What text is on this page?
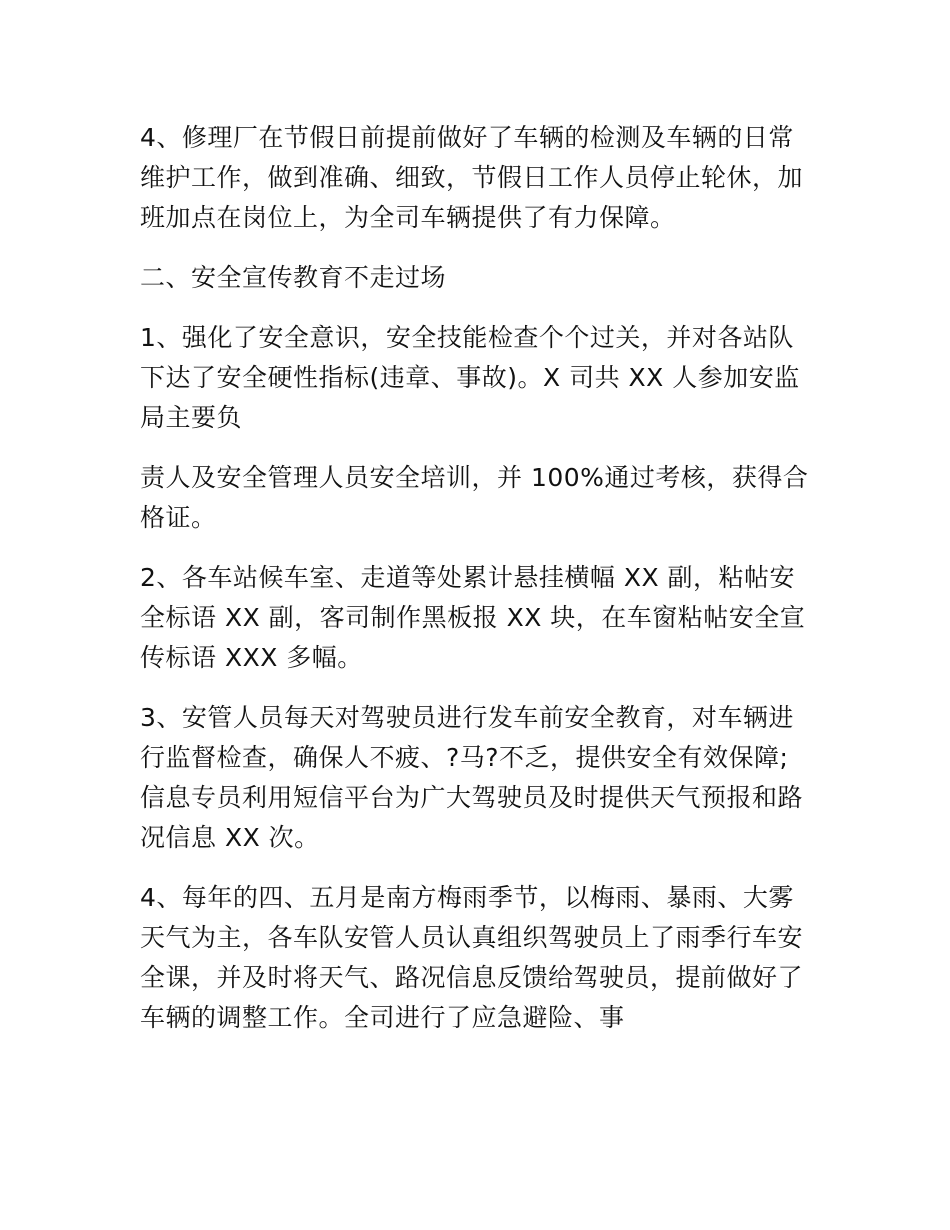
4、修理厂在节假日前提前做好了车辆的检测及车辆的日常维护工作，做到准确、细致，节假日工作人员停止轮休，加班加点在岗位上，为全司车辆提供了有力保障。

二、安全宣传教育不走过场

1、强化了安全意识，安全技能检查个个过关，并对各站队下达了安全硬性指标(违章、事故)。X 司共 XX 人参加安监局主要负

责人及安全管理人员安全培训，并 100%通过考核，获得合格证。

2、各车站候车室、走道等处累计悬挂横幅 XX 副，粘帖安全标语 XX 副，客司制作黑板报 XX 块，在车窗粘帖安全宣传标语 XXX 多幅。

3、安管人员每天对驾驶员进行发车前安全教育，对车辆进行监督检查，确保人不疲、?马?不乏，提供安全有效保障;信息专员利用短信平台为广大驾驶员及时提供天气预报和路况信息 XX 次。

4、每年的四、五月是南方梅雨季节，以梅雨、暴雨、大雾天气为主，各车队安管人员认真组织驾驶员上了雨季行车安全课，并及时将天气、路况信息反馈给驾驶员，提前做好了车辆的调整工作。全司进行了应急避险、事
